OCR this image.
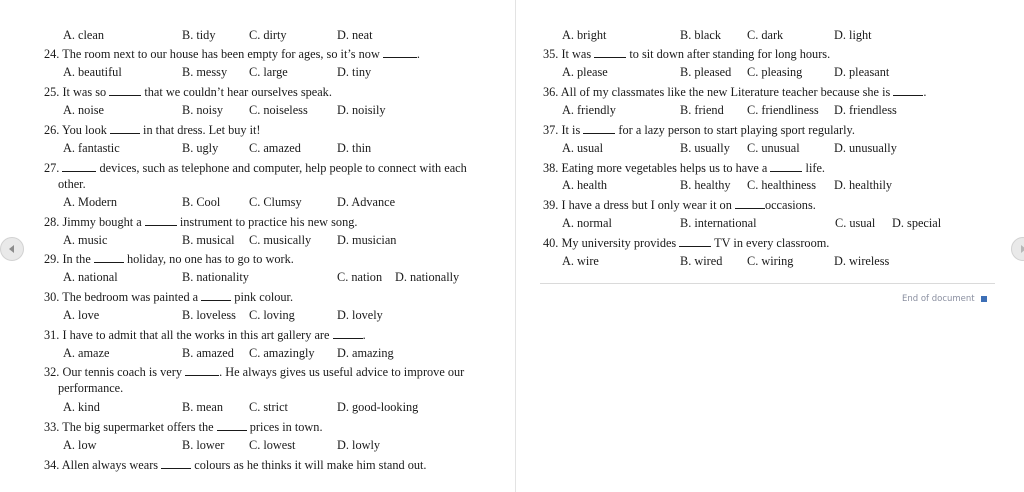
A. clean	B. tidy	C. dirty	D. neat
24. The room next to our house has been empty for ages, so it’s now	.
A. beautiful	B. messy C. large	D. tiny
25. It was so	that we couldn’t hear ourselves speak.
A. noise	B. noisy C. noiseless D. noisily
26. You look	in that dress. Let buy it!
A. fantastic	B. ugly	C. amazed	D. thin
27.	devices, such as telephone and computer, help people to connect with each
other.
A. Modern	B. Cool C. Clumsy	D. Advance
28. Jimmy bought a	instrument to practice his new song.
A. music	B. musical C. musically D. musician
29. In the	holiday, no one has to go to work.
A. national	B. nationality	C. nation D. nationally
30. The bedroom was painted a	pink colour.
A. love	B. loveless C. loving	D. lovely
31. I have to admit that all the works in this art gallery are	.
A. amaze	B. amazed C. amazingly D. amazing
32. Our tennis coach is very	. He always gives us useful advice to improve our
performance.
A. kind	B. mean C. strict	D. good-looking
33. The big supermarket offers the	prices in town.
A. low	B. lower C. lowest	D. lowly
34. Allen always wears	colours as he thinks it will make him stand out.
A. bright	B. black C. dark	D. light
35. It was	to sit down after standing for long hours.
A. please	B. pleased C. pleasing	D. pleasant
36. All of my classmates like the new Literature teacher because she is	.
A. friendly	B. friend C. friendliness D. friendless
37. It is	for a lazy person to start playing sport regularly.
A. usual	B. usually C. unusual	D. unusually
38. Eating more vegetables helps us to have a	life.
A. health	B. healthy C. healthiness D. healthily
39. I have a dress but I only wear it on	occasions.
A. normal	B. international	C. usual D. special
40. My university provides	TV in every classroom.
A. wire	B. wired C. wiring	D. wireless
End of document
